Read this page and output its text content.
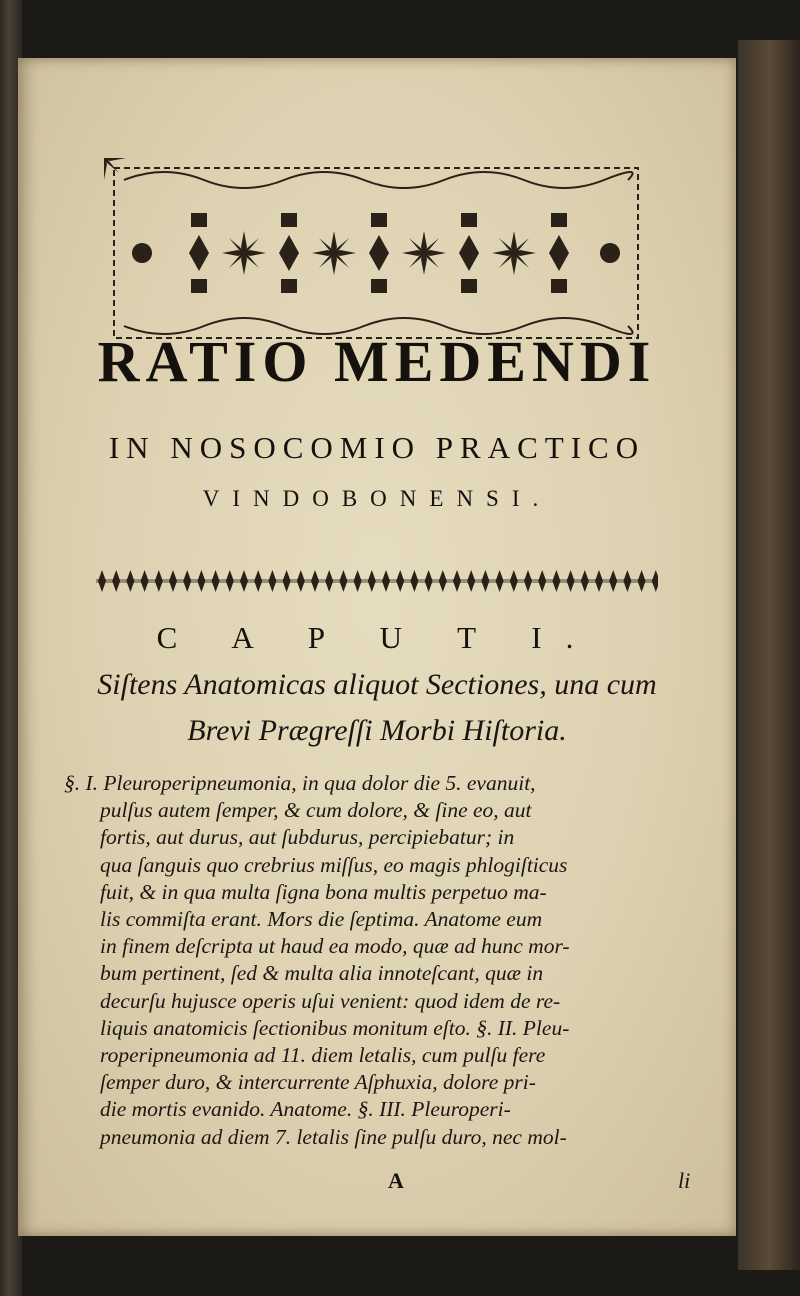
RATIO MEDENDI
IN NOSOCOMIO PRACTICO
VINDOBONENSI.
C A P U T I.
Siſtens Anatomicas aliquot Sectiones, una cum
Brevi Prægreſſi Morbi Hiſtoria.
§. I. Pleuroperipneumonia, in qua dolor die 5. evanuit,
pulſus autem ſemper, & cum dolore, & ſine eo, aut
fortis, aut durus, aut ſubdurus, percipiebatur; in
qua ſanguis quo crebrius miſſus, eo magis phlogiſticus
fuit, & in qua multa ſigna bona multis perpetuo ma-
lis commiſta erant. Mors die ſeptima. Anatome eum
in finem deſcripta ut haud ea modo, quæ ad hunc mor-
bum pertinent, ſed & multa alia innoteſcant, quæ in
decurſu hujusce operis uſui venient: quod idem de re-
liquis anatomicis ſectionibus monitum eſto. §. II. Pleu-
roperipneumonia ad 11. diem letalis, cum pulſu fere
ſemper duro, & intercurrente Aſphuxia, dolore pri-
die mortis evanido. Anatome. §. III. Pleuroperi-
pneumonia ad diem 7. letalis ſine pulſu duro, nec mol-
A	li
